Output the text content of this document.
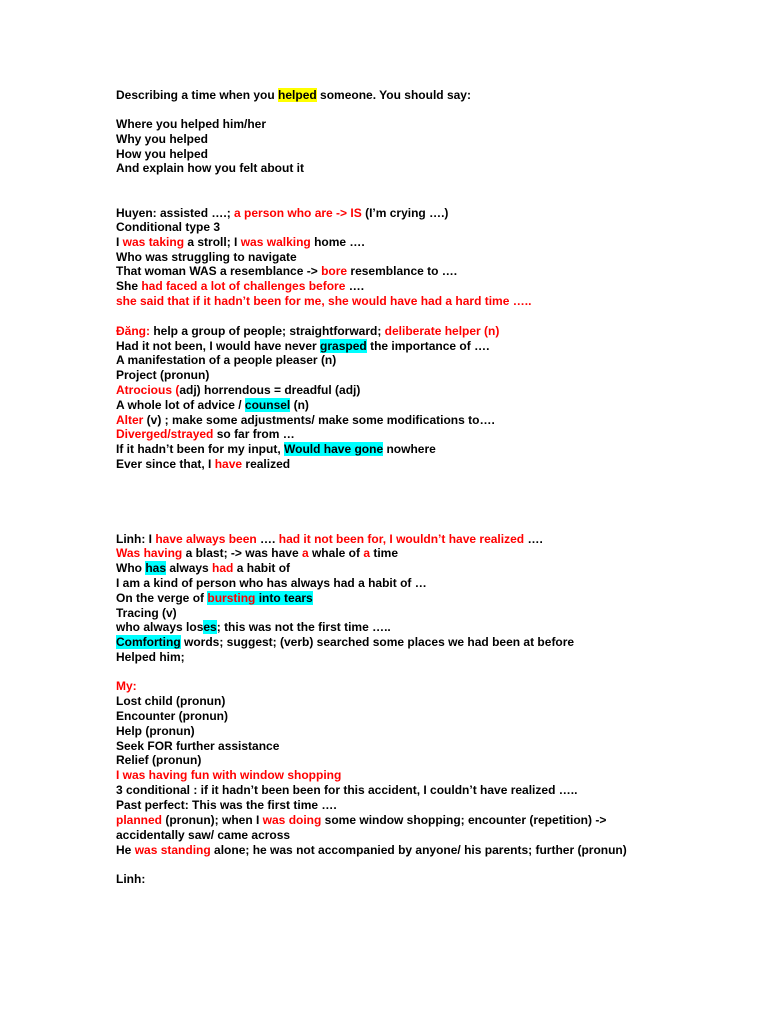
Describing a time when you helped someone. You should say:
Where you helped him/her
Why you helped
How you helped
And explain how you felt about it
Huyen: assisted ….; a person who are -> IS (I’m crying ….)
Conditional type 3
I was taking a stroll; I was walking home ….
Who was struggling to navigate
That woman WAS a resemblance -> bore resemblance to ….
She had faced a lot of challenges before ….
she said that if it hadn’t been for me, she would have had a hard time …..
Đăng: help a group of people; straightforward; deliberate helper (n)
Had it not been, I would have never grasped the importance of ….
A manifestation of a people pleaser (n)
Project (pronun)
Atrocious (adj) horrendous = dreadful (adj)
A whole lot of advice / counsel (n)
Alter (v) ; make some adjustments/ make some modifications to….
Diverged/strayed so far from …
If it hadn’t been for my input, Would have gone nowhere
Ever since that, I have realized
Linh: I have always been …. had it not been for, I wouldn’t have realized ….
Was having a blast; -> was have a whale of a time
Who has always had a habit of
I am a kind of person who has always had a habit of …
On the verge of bursting into tears
Tracing (v)
who always loses; this was not the first time …..
Comforting words; suggest; (verb) searched some places we had been at before
Helped him;
My:
Lost child (pronun)
Encounter (pronun)
Help (pronun)
Seek FOR further assistance
Relief (pronun)
I was having fun with window shopping
3 conditional : if it hadn’t been been for this accident, I couldn’t have realized …..
Past perfect: This was the first time ….
planned (pronun); when I was doing some window shopping; encounter (repetition) -> accidentally saw/ came across
He was standing alone; he was not accompanied by anyone/ his parents; further (pronun)
Linh:
